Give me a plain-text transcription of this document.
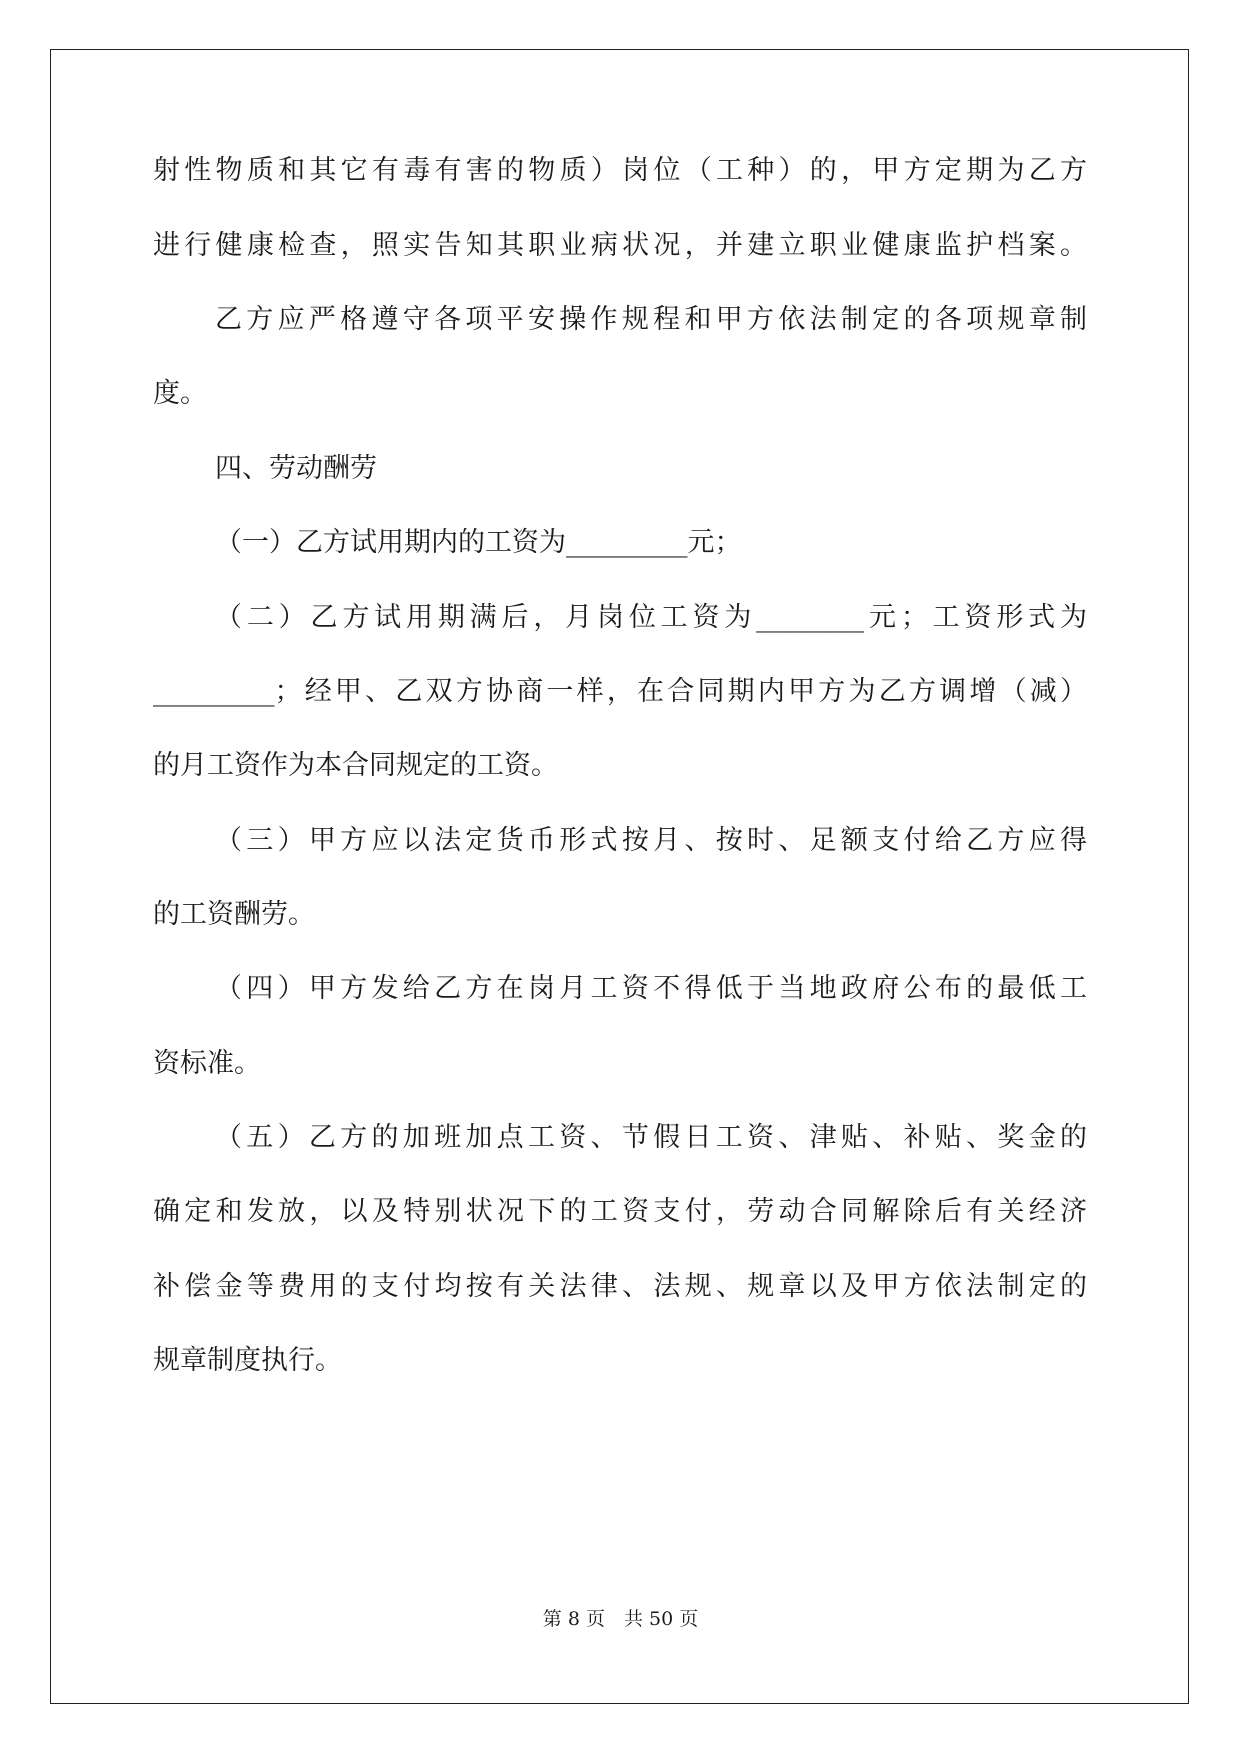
射性物质和其它有毒有害的物质）岗位（工种）的，甲方定期为乙方

进行健康检查，照实告知其职业病状况，并建立职业健康监护档案。

乙方应严格遵守各项平安操作规程和甲方依法制定的各项规章制

度。

四、劳动酬劳

（一）乙方试用期内的工资为_________元；

（二）乙方试用期满后，月岗位工资为________元；工资形式为

_________；经甲、乙双方协商一样，在合同期内甲方为乙方调增（减）

的月工资作为本合同规定的工资。

（三）甲方应以法定货币形式按月、按时、足额支付给乙方应得

的工资酬劳。

（四）甲方发给乙方在岗月工资不得低于当地政府公布的最低工

资标准。

（五）乙方的加班加点工资、节假日工资、津贴、补贴、奖金的

确定和发放，以及特别状况下的工资支付，劳动合同解除后有关经济

补偿金等费用的支付均按有关法律、法规、规章以及甲方依法制定的

规章制度执行。

第 8 页　共 50 页
